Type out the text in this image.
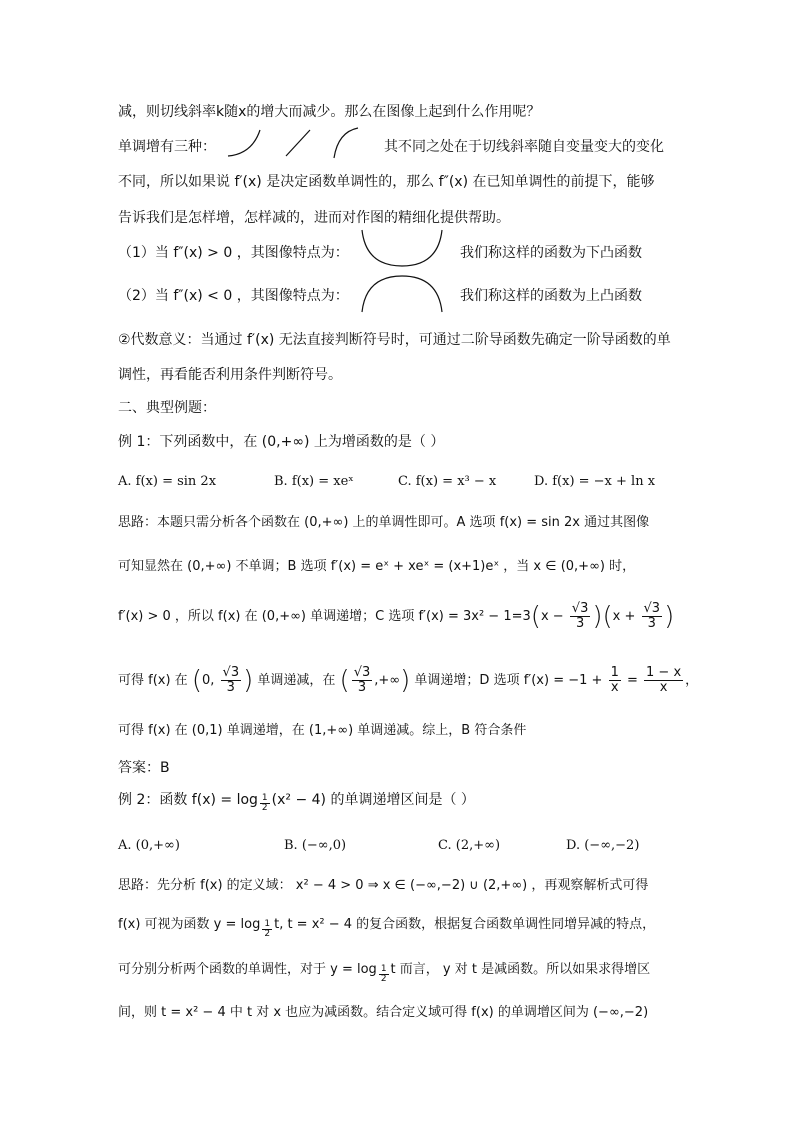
减，则切线斜率k随x的增大而减少。那么在图像上起到什么作用呢？
单调增有三种：	其不同之处在于切线斜率随自变量变大的变化
不同，所以如果说 f′(x) 是决定函数单调性的，那么 f″(x) 在已知单调性的前提下，能够
告诉我们是怎样增，怎样减的，进而对作图的精细化提供帮助。
（1）当 f″(x) > 0 ，其图像特点为：	我们称这样的函数为下凸函数
（2）当 f″(x) < 0 ，其图像特点为：	我们称这样的函数为上凸函数
②代数意义：当通过 f′(x) 无法直接判断符号时，可通过二阶导函数先确定一阶导函数的单
调性，再看能否利用条件判断符号。
二、典型例题：
例 1：下列函数中，在 (0,+∞) 上为增函数的是（ ）
A. f(x) = sin 2x	B. f(x) = xeˣ	C. f(x) = x³ − x	D. f(x) = −x + ln x
思路：本题只需分析各个函数在 (0,+∞) 上的单调性即可。A 选项 f(x) = sin 2x 通过其图像
可知显然在 (0,+∞) 不单调；B 选项 f′(x) = eˣ + xeˣ = (x+1)eˣ ，当 x ∈ (0,+∞) 时，
f′(x) > 0 ，所以 f(x) 在 (0,+∞) 单调递增；C 选项 $f'(x) = 3x^2 - 1=3(x - \frac{√3}{3} )(x + \frac{√3}{3}$ )
可得 f(x) 在 (0, $\frac{√3}{3}$ ) 单调递减，在 ( $\frac{√3}{3}$ ,+∞) 单调递增；D 选项 $f'(x) = -1 + \frac{1}{x} = \frac{1 - x}{x}$ ，
可得 f(x) 在 (0,1) 单调递增，在 (1,+∞) 单调递减。综上，B 符合条件
答案：B
例 2：函数 $f(x) = \log \frac{1}{2} (x^2 - 4)$ 的单调递增区间是（ ）
A. (0,+∞)	B. (−∞,0)	C. (2,+∞)	D. (−∞,−2)
思路：先分析 f(x) 的定义域： x² − 4 > 0 ⇒ x ∈ (−∞,−2) ∪ (2,+∞) ，再观察解析式可得
f(x) 可视为函数 $y = \log \frac{1}{2} t$, t = x² − 4 的复合函数，根据复合函数单调性同增异减的特点，
可分别分析两个函数的单调性，对于 $y = \log \frac{1}{2}$ t 而言， y 对 t 是减函数。所以如果求得增区
间，则 t = x² − 4 中 t 对 x 也应为减函数。结合定义域可得 f(x) 的单调增区间为 (−∞,−2)
